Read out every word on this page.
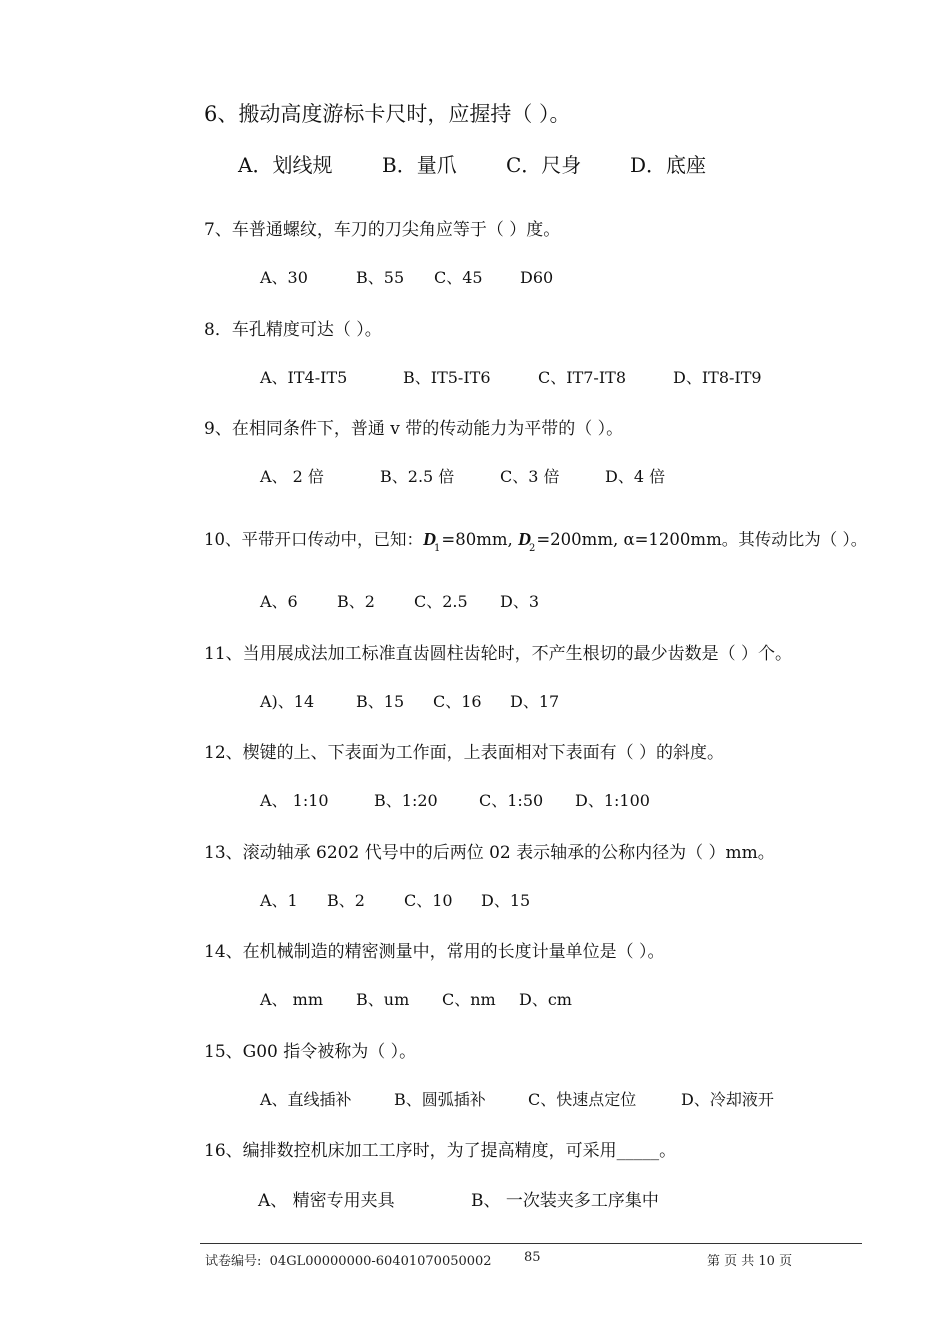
6、搬动高度游标卡尺时，应握持（ ）。
A．划线规 B．量爪 C．尺身 D．底座
7、车普通螺纹，车刀的刀尖角应等于（ ）度。
A、30	B、55 C、45 D60
8．车孔精度可达（ ）。
A、IT4-IT5	B、IT5-IT6	C、IT7-IT8	D、IT8-IT9
9、在相同条件下，普通 v 带的传动能力为平带的（ ）。
A、 2 倍	B、2.5 倍	C、3 倍	D、4 倍
10、平带开口传动中，已知：$D_1=80mm$, $D_2=200mm$, α=1200mm。其传动比为（ ）。
A、6 B、2 C、2.5 D、3
11、当用展成法加工标准直齿圆柱齿轮时，不产生根切的最少齿数是（ ）个。
A)、14	B、15 C、16 D、17
12、楔键的上、下表面为工作面，上表面相对下表面有（ ）的斜度。
A、 1:10	B、1:20	C、1:50 D、1:100
13、滚动轴承 6202 代号中的后两位 02 表示轴承的公称内径为（ ）mm。
A、1 B、2 C、10 D、15
14、在机械制造的精密测量中，常用的长度计量单位是（ ）。
A、 mm B、um C、nm D、cm
15、G00 指令被称为（ ）。
A、直线插补	B、圆弧插补	C、快速点定位	D、冷却液开
16、编排数控机床加工工序时，为了提高精度，可采用_____。
A、 精密专用夹具	B、 一次装夹多工序集中
试卷编号: 04GL00000000-60401070050002 85	第 页 共 10 页
